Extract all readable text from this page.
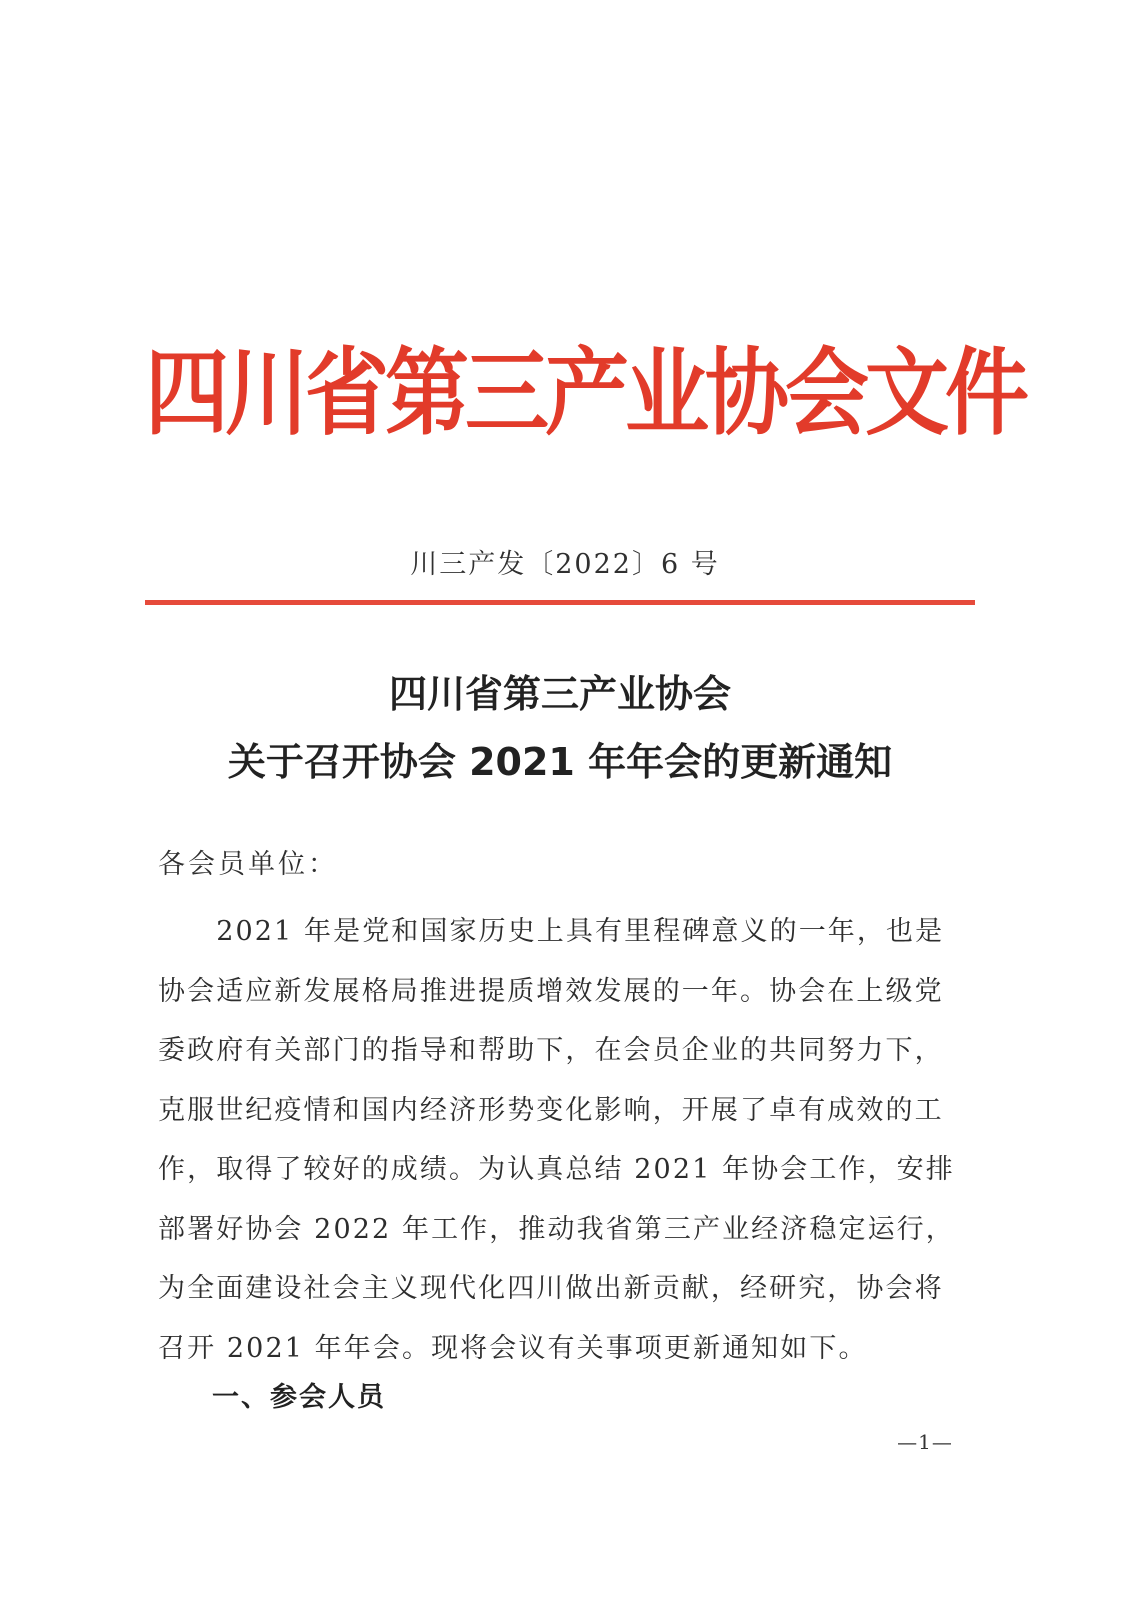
四
川
省
第
三
产
业
协
会
文
件
川三产发〔2022〕6 号
四川省第三产业协会
关于召开协会 2021 年年会的更新通知
各会员单位：
　　2021 年是党和国家历史上具有里程碑意义的一年，也是
协会适应新发展格局推进提质增效发展的一年。协会在上级党
委政府有关部门的指导和帮助下，在会员企业的共同努力下，
克服世纪疫情和国内经济形势变化影响，开展了卓有成效的工
作，取得了较好的成绩。为认真总结 2021 年协会工作，安排
部署好协会 2022 年工作，推动我省第三产业经济稳定运行，
为全面建设社会主义现代化四川做出新贡献，经研究，协会将
召开 2021 年年会。现将会议有关事项更新通知如下。
一、参会人员
—1—
